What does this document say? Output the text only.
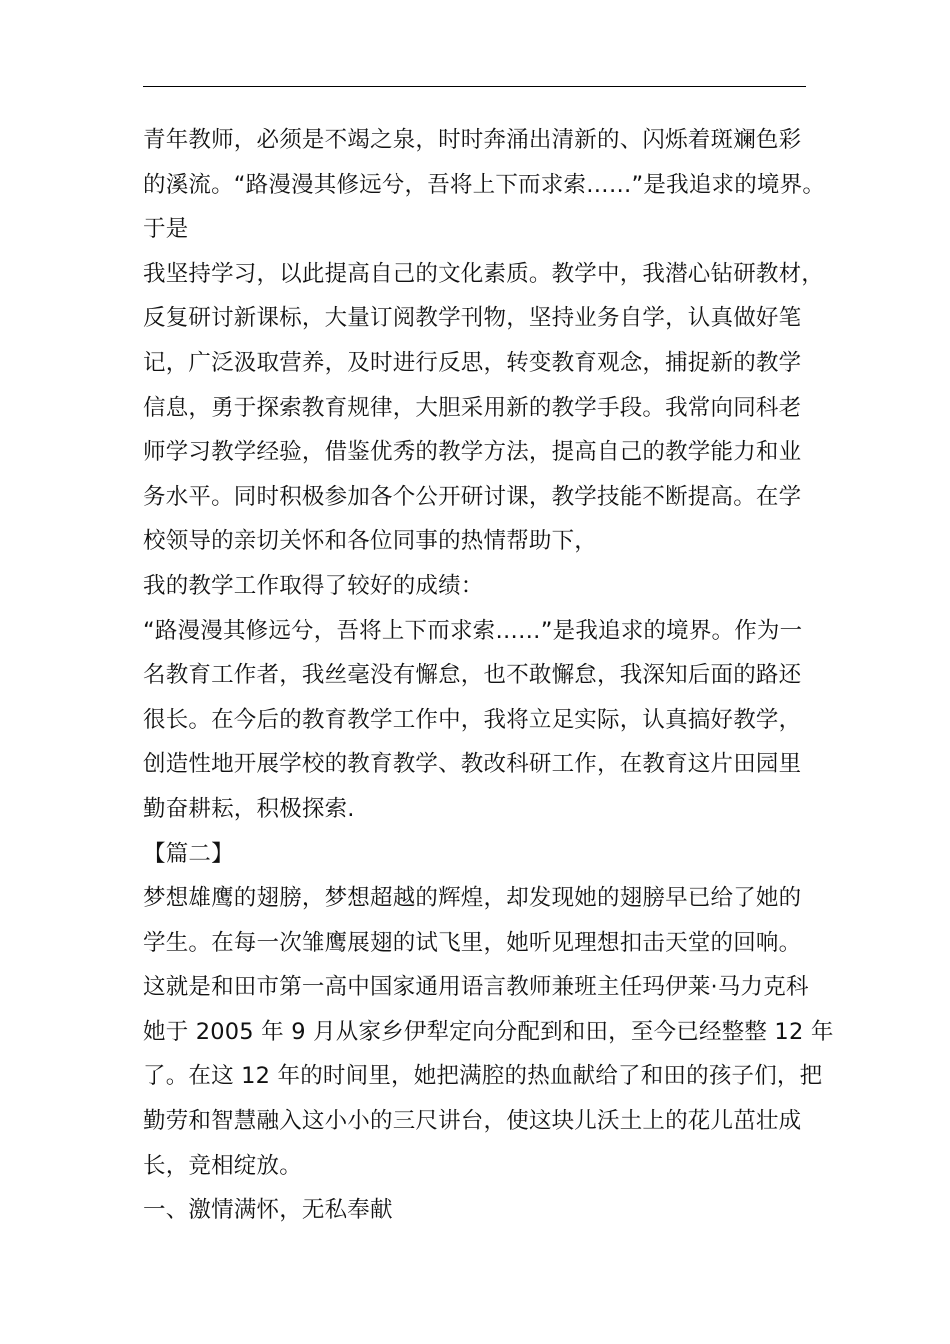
青年教师，必须是不竭之泉，时时奔涌出清新的、闪烁着斑斓色彩
的溪流。“路漫漫其修远兮，吾将上下而求索……”是我追求的境界。
于是
我坚持学习，以此提高自己的文化素质。教学中，我潜心钻研教材，
反复研讨新课标，大量订阅教学刊物，坚持业务自学，认真做好笔
记，广泛汲取营养，及时进行反思，转变教育观念，捕捉新的教学
信息，勇于探索教育规律，大胆采用新的教学手段。我常向同科老
师学习教学经验，借鉴优秀的教学方法，提高自己的教学能力和业
务水平。同时积极参加各个公开研讨课，教学技能不断提高。在学
校领导的亲切关怀和各位同事的热情帮助下，
我的教学工作取得了较好的成绩：
“路漫漫其修远兮，吾将上下而求索……”是我追求的境界。作为一
名教育工作者，我丝毫没有懈怠，也不敢懈怠，我深知后面的路还
很长。在今后的教育教学工作中，我将立足实际，认真搞好教学，
创造性地开展学校的教育教学、教改科研工作，在教育这片田园里
勤奋耕耘，积极探索.
【篇二】
梦想雄鹰的翅膀，梦想超越的辉煌，却发现她的翅膀早已给了她的
学生。在每一次雏鹰展翅的试飞里，她听见理想扣击天堂的回响。
这就是和田市第一高中国家通用语言教师兼班主任玛伊莱·马力克科
她于 2005 年 9 月从家乡伊犁定向分配到和田，至今已经整整 12 年
了。在这 12 年的时间里，她把满腔的热血献给了和田的孩子们，把
勤劳和智慧融入这小小的三尺讲台，使这块儿沃土上的花儿茁壮成
长，竞相绽放。
一、激情满怀，无私奉献
